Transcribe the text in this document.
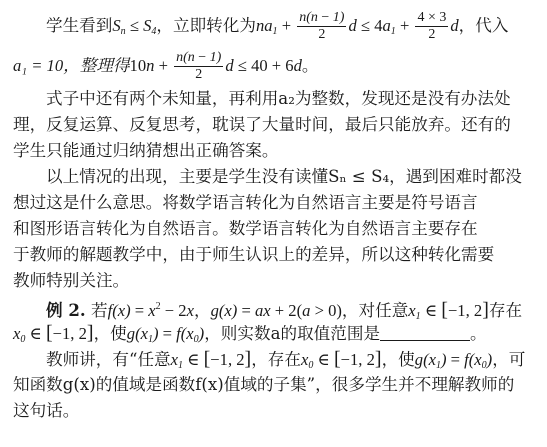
学生看到$S_n \le S_4$，立即转化为$na_1 + \frac{n(n - 1)}{2}$ $d \le 4a_1 + \frac{4 \times 3}{2}$ d，代入
a₁ = 10，整理得$10n + \frac{n(n - 1)}{2}$ d ≤ 40 + 6d。
式子中还有两个未知量，再利用a₂为整数，发现还是没有办法处
理，反复运算、反复思考，耽误了大量时间，最后只能放弃。还有的
学生只能通过归纳猜想出正确答案。
以上情况的出现，主要是学生没有读懂Sₙ ≤ S₄，遇到困难时都没
想过这是什么意思。将数学语言转化为自然语言主要是符号语言
和图形语言转化为自然语言。数学语言转化为自然语言主要存在
于教师的解题教学中，由于师生认识上的差异，所以这种转化需要
教师特别关注。
例 2. 若$f(x) = x^2 - 2x$，g(x) = ax + 2(a > 0)，对任意$x_1$ ∈ [−1, 2]存在
$x_0$ ∈ [−1, 2]，使$g(x_1) = f(x_0)$，则实数a的取值范围是	。
教师讲，有“任意$x_1$ ∈ [−1, 2]，存在$x_0$ ∈ [−1, 2]，使$g(x_1) = f(x_0)$，可
知函数g(x)的值域是函数f(x)值域的子集”，很多学生并不理解教师的
这句话。
